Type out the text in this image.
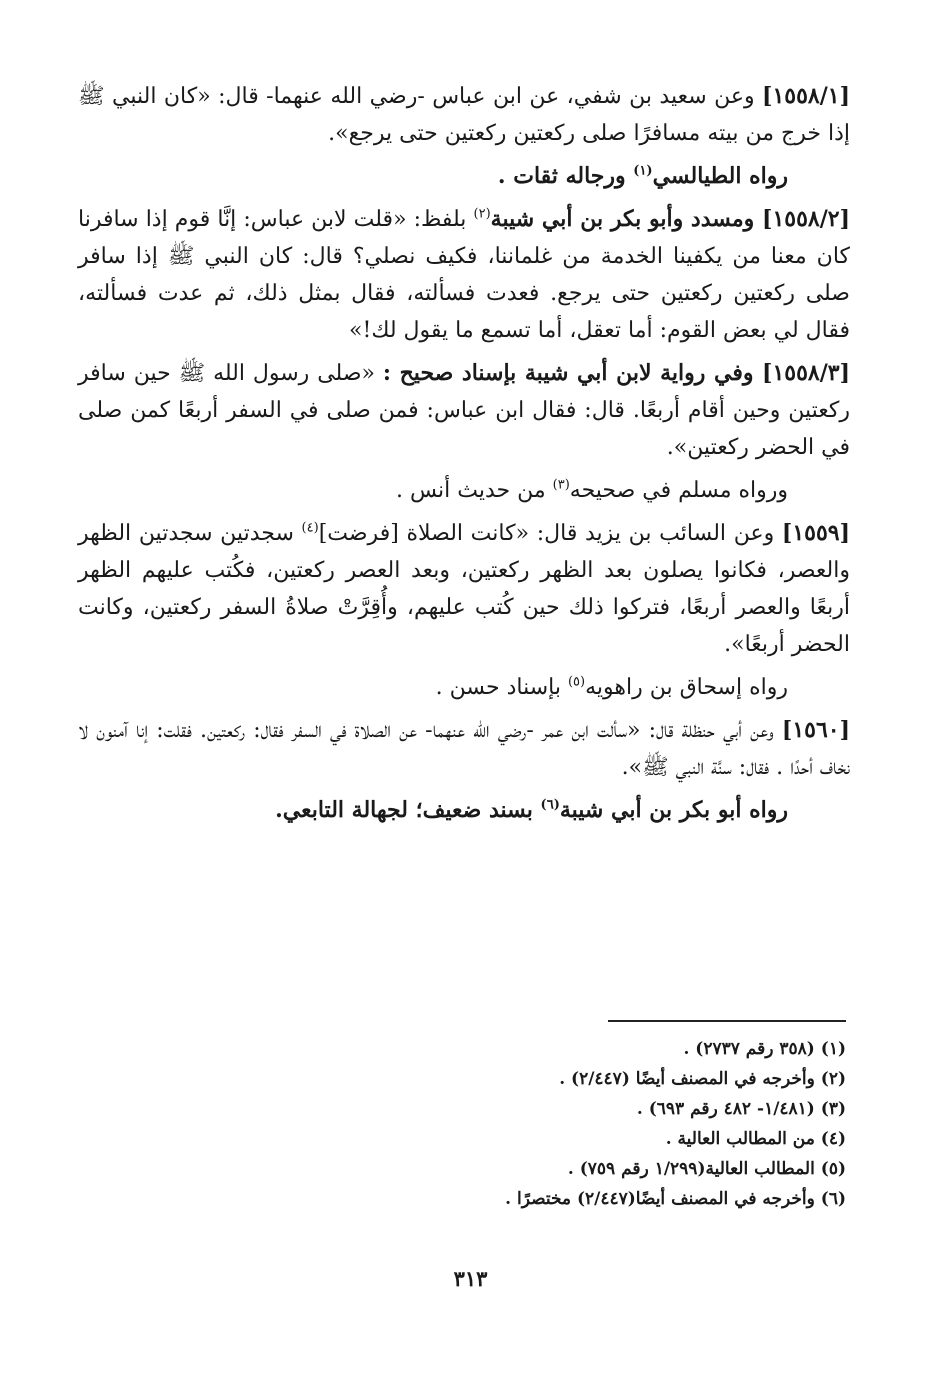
[١٥٥٨/١] وعن سعيد بن شفي، عن ابن عباس -رضي الله عنهما- قال: «كان النبي ﷺ إذا خرج من بيته مسافرًا صلى ركعتين ركعتين حتى يرجع».

رواه الطيالسي$^{(١)}$ ورجاله ثقات .

[١٥٥٨/٢] ومسدد وأبو بكر بن أبي شيبة$^{(٢)}$ بلفظ: «قلت لابن عباس: إنَّا قوم إذا سافرنا كان معنا من يكفينا الخدمة من غلماننا، فكيف نصلي؟ قال: كان النبي ﷺ إذا سافر صلى ركعتين ركعتين حتى يرجع. فعدت فسألته، فقال بمثل ذلك، ثم عدت فسألته، فقال لي بعض القوم: أما تعقل، أما تسمع ما يقول لك!»

[١٥٥٨/٣] وفي رواية لابن أبي شيبة بإسناد صحيح : «صلى رسول الله ﷺ حين سافر ركعتين وحين أقام أربعًا. قال: فقال ابن عباس: فمن صلى في السفر أربعًا كمن صلى في الحضر ركعتين».

ورواه مسلم في صحيحه$^{(٣)}$ من حديث أنس .

[١٥٥٩] وعن السائب بن يزيد قال: «كانت الصلاة [فرضت]$^{(٤)}$ سجدتين سجدتين الظهر والعصر، فكانوا يصلون بعد الظهر ركعتين، وبعد العصر ركعتين، فكُتب عليهم الظهر أربعًا والعصر أربعًا، فتركوا ذلك حين كُتب عليهم، وأُقِرَّتْ صلاةُ السفر ركعتين، وكانت الحضر أربعًا».

رواه إسحاق بن راهويه$^{(٥)}$ بإسناد حسن .

[١٥٦٠] وعن أبي حنظلة قال: «سألت ابن عمر -رضي الله عنهما- عن الصلاة في السفر فقال: ركعتين. فقلت: إنا آمنون لا نخاف أحدًا . فقال: سنَّة النبي ﷺ».

رواه أبو بكر بن أبي شيبة$^{(٦)}$ بسند ضعيف؛ لجهالة التابعي.

(١) (٣٥٨ رقم ٢٧٣٧) .
(٢) وأخرجه في المصنف أيضًا (٢/٤٤٧) .
(٣) (١/٤٨١- ٤٨٢ رقم ٦٩٣) .
(٤) من المطالب العالية .
(٥) المطالب العالية(١/٢٩٩ رقم ٧٥٩) .
(٦) وأخرجه في المصنف أيضًا(٢/٤٤٧) مختصرًا .
٣١٣
